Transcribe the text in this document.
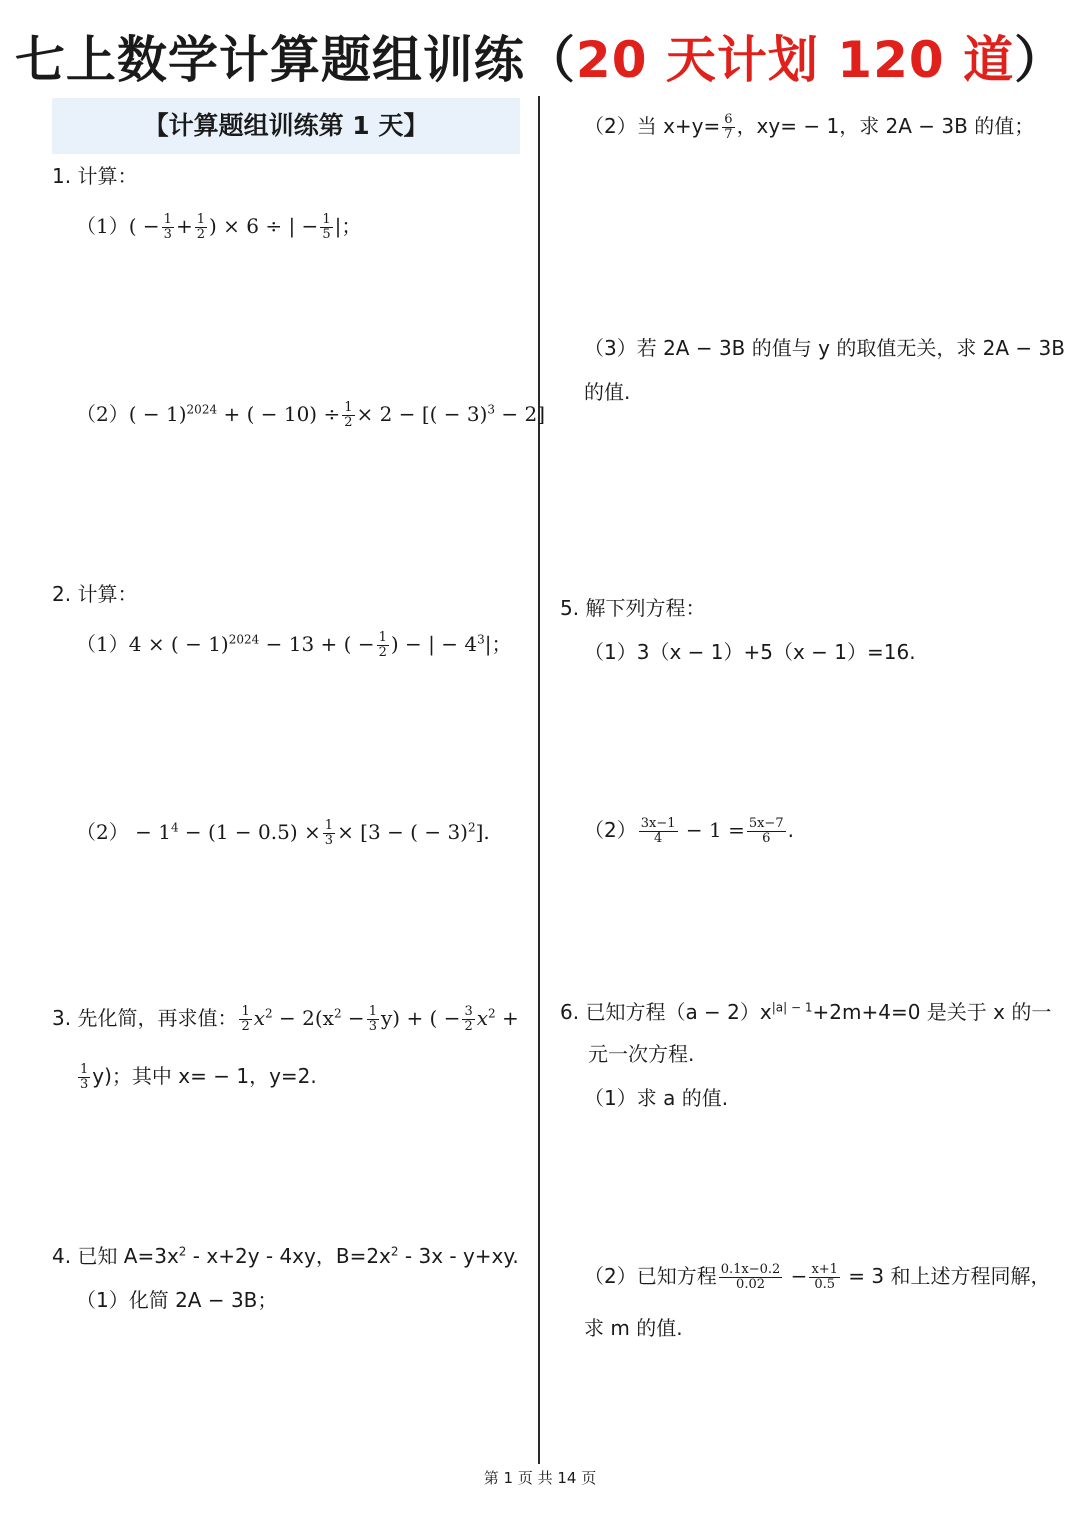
七上数学计算题组训练（20 天计划 120 道）
【计算题组训练第 1 天】
1. 计算：
$(1)( - \frac{1}{3} + \frac{1}{2}$ ) × 6 ÷ | − $\frac{1}{5}$ |；
$(2)( - 1)^{2024}$ + ( − $10) \div \frac{1}{2} \times 2$ − [( − 3)$^3$ − 2]
2. 计算：
（1）4 × ( − 1)$^{2024}$ − 13 + ( − $\frac{1}{2}$ ) − | − $4^3|$；
$(2) - 1^4 - (1 - 0.5) \times \frac{1}{3} \times [3$ − ( − 3)$^2$].
3. 先化简，再求值： $\frac{1}{2} x^2 - 2(x^2 - \frac{1}{3} y)$ + ( − $\frac{3}{2} x^2$ +
$\frac{1}{3} y$)；其中 x= − 1，y=2.
4. 已知 $A=3x^2 - x+2y - 4xy$，$B=2x^2 - 3x - y+xy$.
（1）化简 2A − 3B；
（2）当 $x+y= \frac{6}{7}$ ，xy= − 1，求 2A − 3B 的值；
（3）若 2A − 3B 的值与 y 的取值无关，求 2A − 3B
的值.
5. 解下列方程：
（1）3（x − 1）+5（x − 1）=16.
$(2) \frac{3x-1}{4} - 1 = \frac{5x-7}{6}$ .
6. 已知方程$(a - 2)x^{|a| - 1}+2m+4=0$ 是关于 x 的一
元一次方程.
（1）求 a 的值.
（2）已知方程 $\frac{0.1x-0.2}{0.02} - \frac{x+1}{0.5} = 3$ 和上述方程同解，
求 m 的值.
第 1 页 共 14 页
